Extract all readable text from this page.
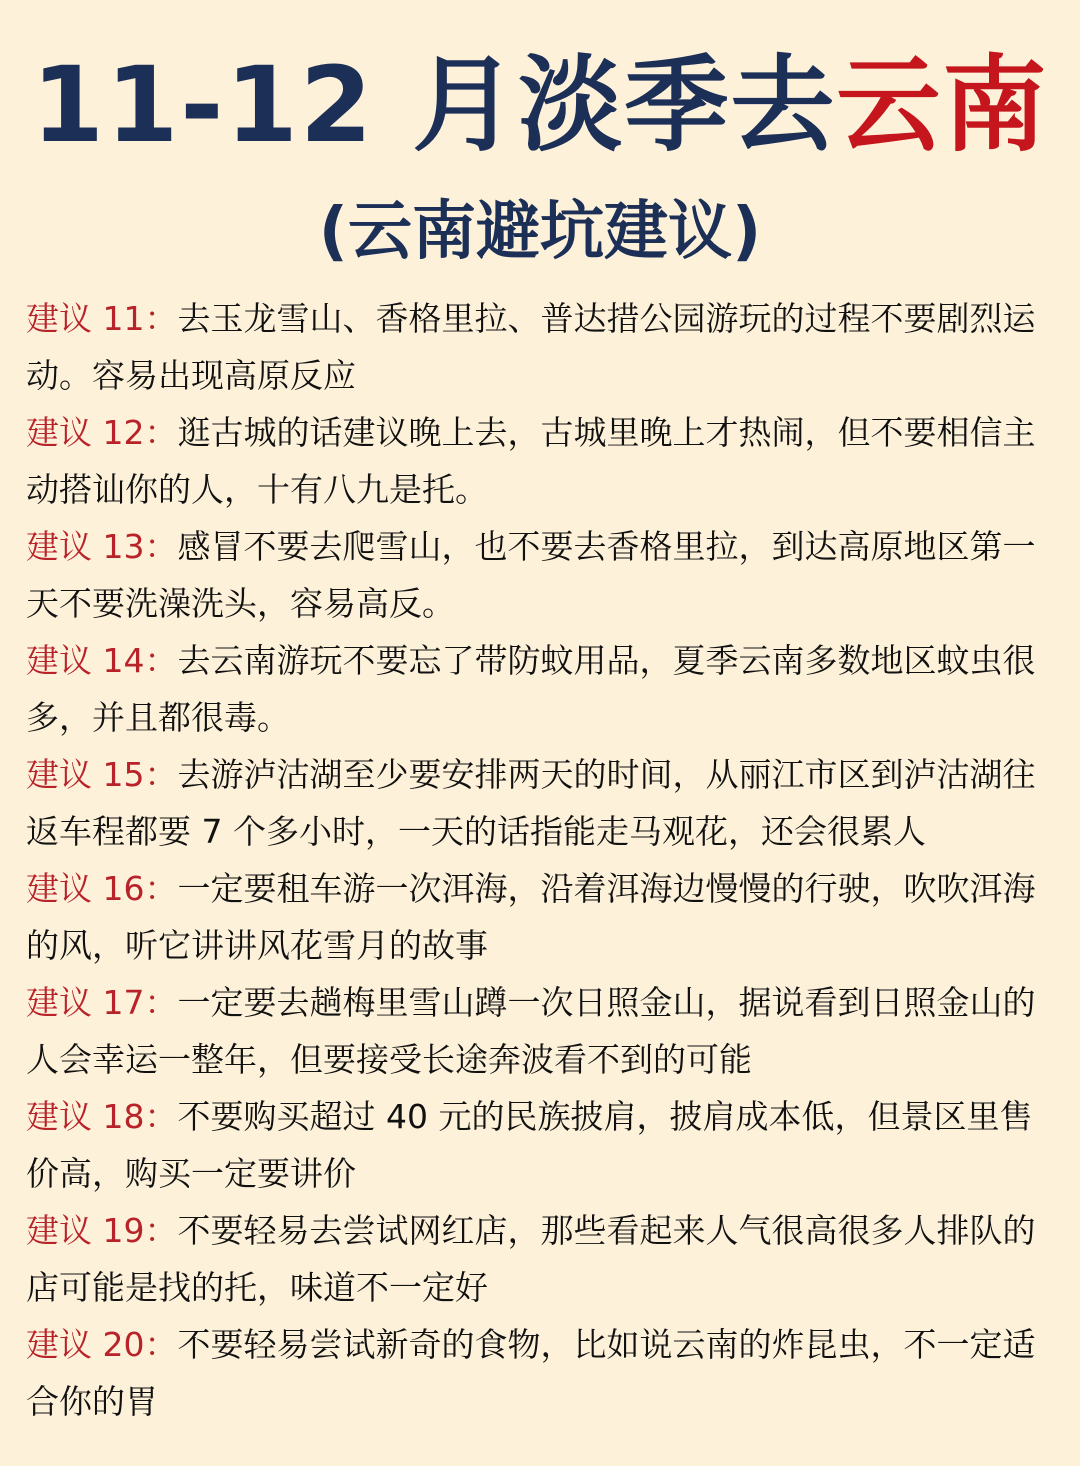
11-12 月淡季去云南
(云南避坑建议)
建议 11：去玉龙雪山、香格里拉、普达措公园游玩的过程不要剧烈运动。容易出现高原反应
建议 12：逛古城的话建议晚上去，古城里晚上才热闹，但不要相信主动搭讪你的人，十有八九是托。
建议 13：感冒不要去爬雪山，也不要去香格里拉，到达高原地区第一天不要洗澡洗头，容易高反。
建议 14：去云南游玩不要忘了带防蚊用品，夏季云南多数地区蚊虫很多，并且都很毒。
建议 15：去游泸沽湖至少要安排两天的时间，从丽江市区到泸沽湖往返车程都要 7 个多小时，一天的话指能走马观花，还会很累人
建议 16：一定要租车游一次洱海，沿着洱海边慢慢的行驶，吹吹洱海的风，听它讲讲风花雪月的故事
建议 17：一定要去趟梅里雪山蹲一次日照金山，据说看到日照金山的人会幸运一整年，但要接受长途奔波看不到的可能
建议 18：不要购买超过 40 元的民族披肩，披肩成本低，但景区里售价高，购买一定要讲价
建议 19：不要轻易去尝试网红店，那些看起来人气很高很多人排队的店可能是找的托，味道不一定好
建议 20：不要轻易尝试新奇的食物，比如说云南的炸昆虫，不一定适合你的胃
